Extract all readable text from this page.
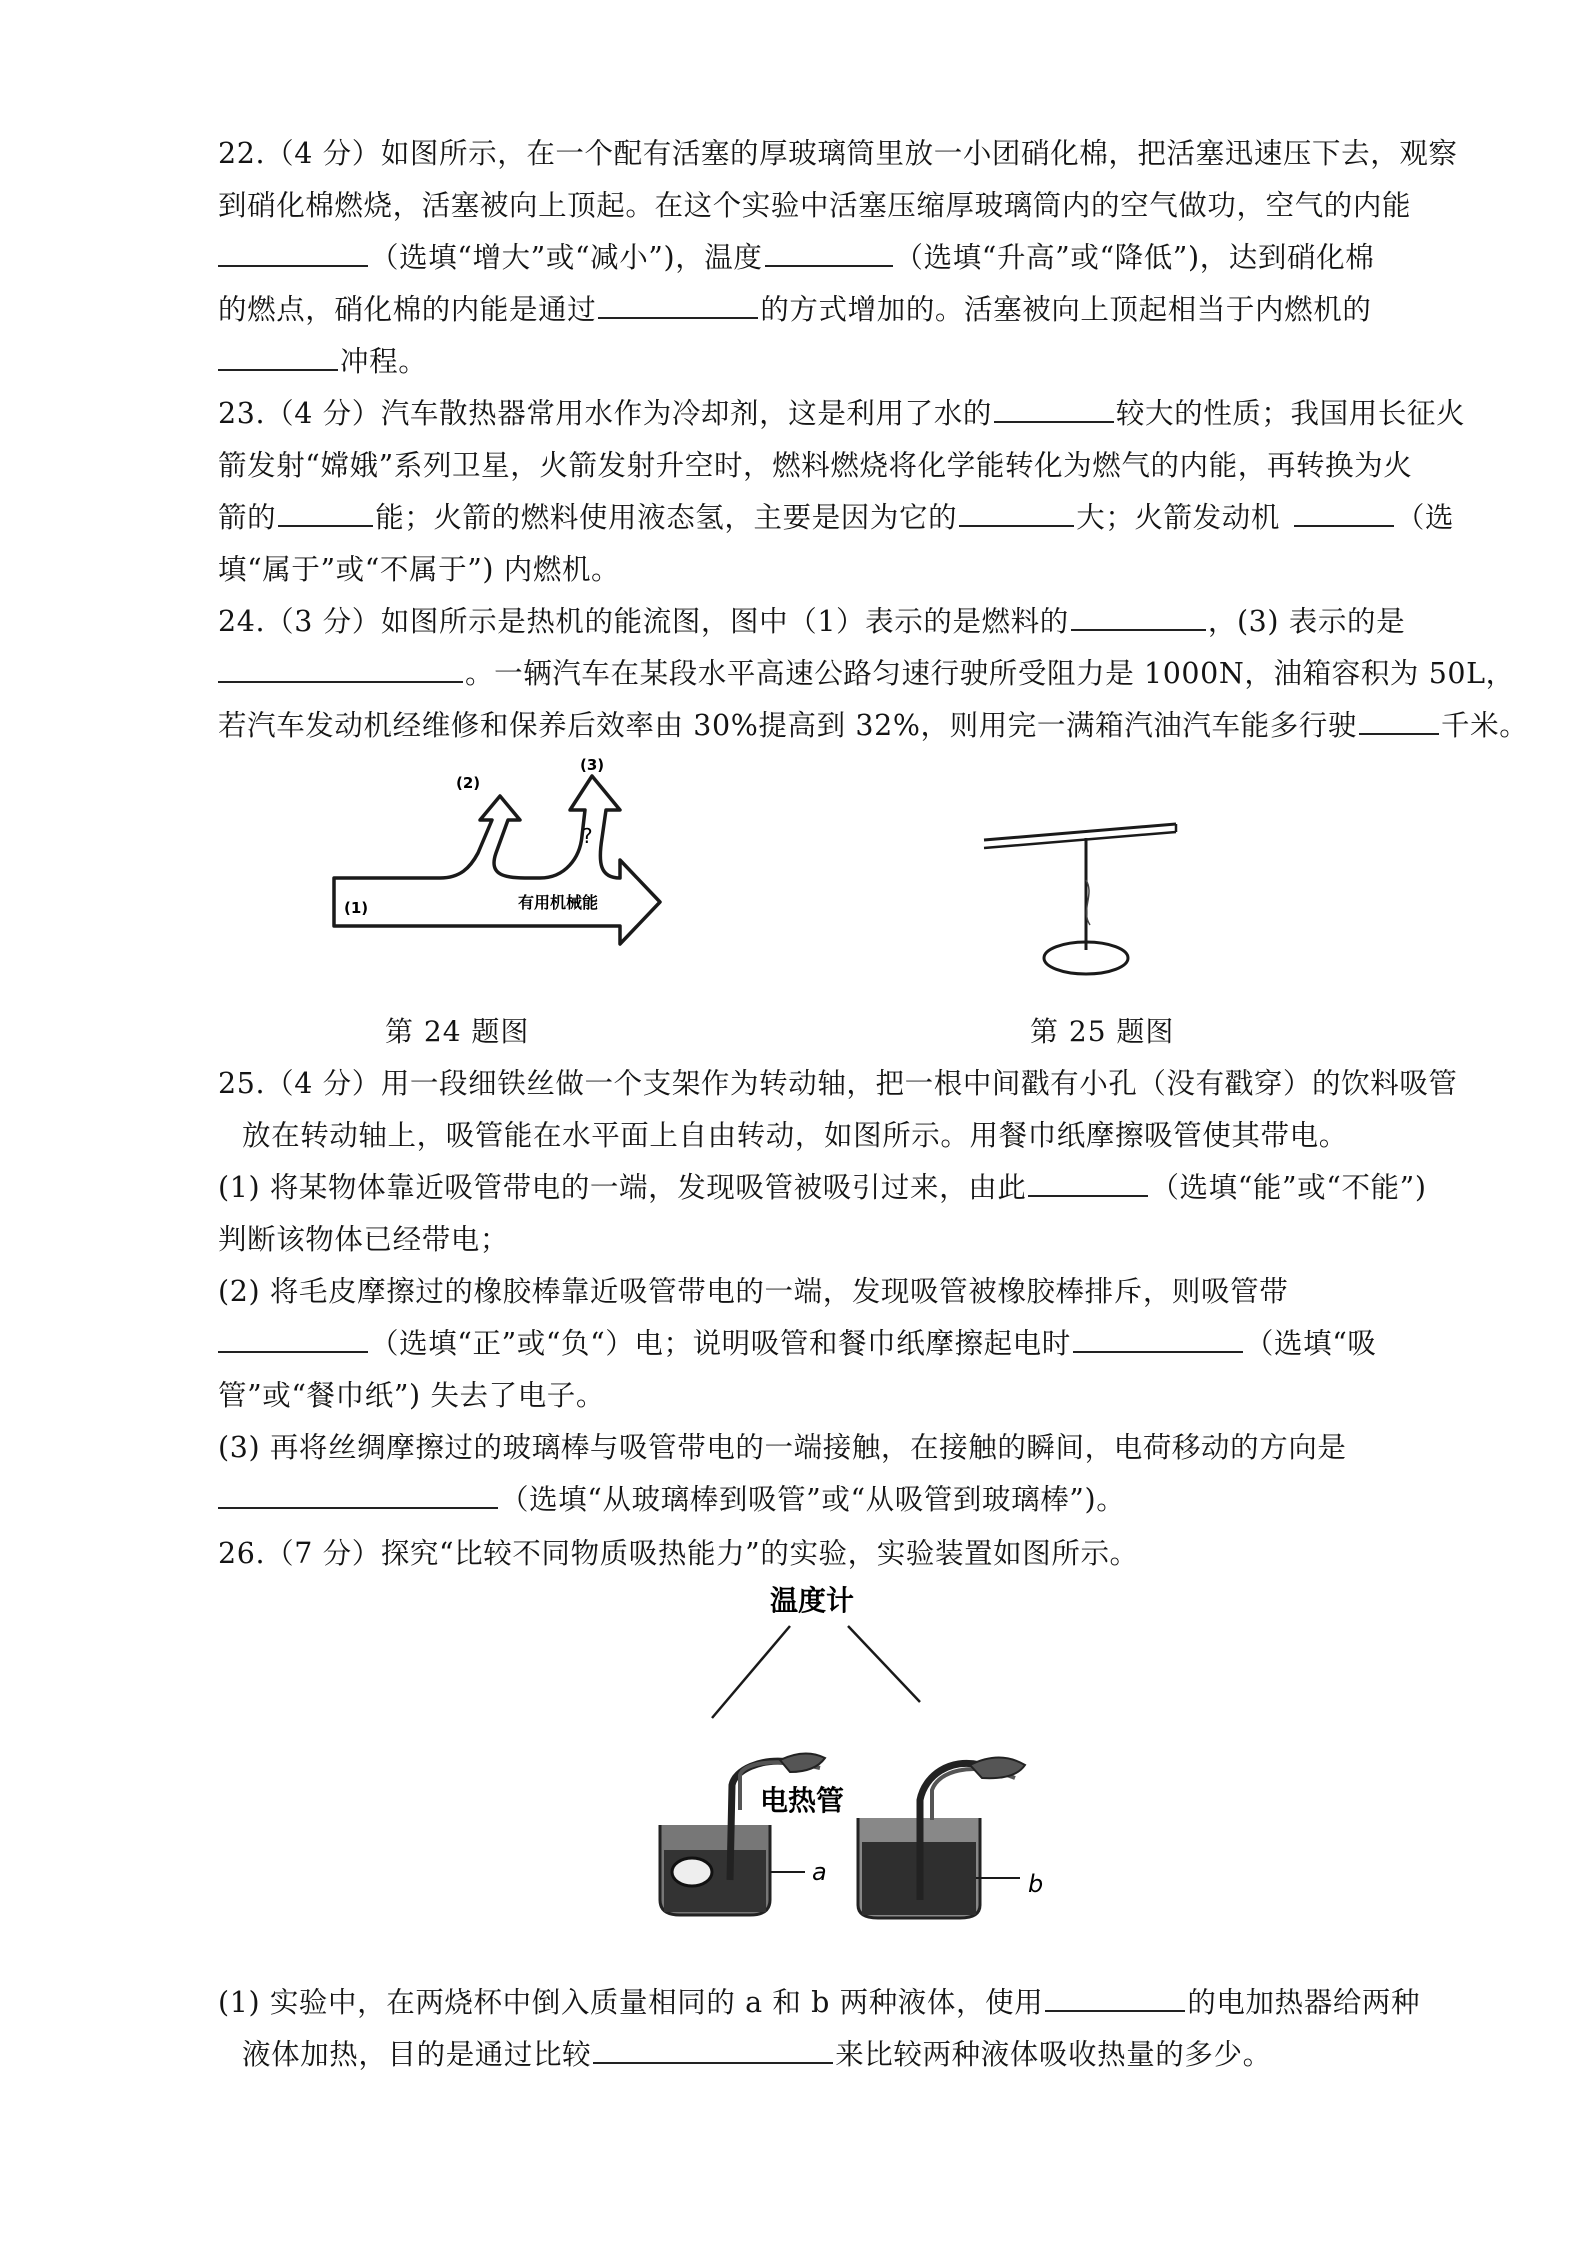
22.（4 分）如图所示，在一个配有活塞的厚玻璃筒里放一小团硝化棉，把活塞迅速压下去，观察
到硝化棉燃烧，活塞被向上顶起。在这个实验中活塞压缩厚玻璃筒内的空气做功，空气的内能
（选填“增大”或“减小”)，温度	（选填“升高”或“降低”)，达到硝化棉
的燃点，硝化棉的内能是通过	的方式增加的。活塞被向上顶起相当于内燃机的
冲程。
23.（4 分）汽车散热器常用水作为冷却剂，这是利用了水的	较大的性质；我国用长征火
箭发射“嫦娥”系列卫星，火箭发射升空时，燃料燃烧将化学能转化为燃气的内能，再转换为火
箭的	能；火箭的燃料使用液态氢，主要是因为它的	大；火箭发动机	（选
填“属于”或“不属于”) 内燃机。
24.（3 分）如图所示是热机的能流图，图中（1）表示的是燃料的	，(3) 表示的是
。一辆汽车在某段水平高速公路匀速行驶所受阻力是 1000N，油箱容积为 50L，
若汽车发动机经维修和保养后效率由 30%提高到 32%，则用完一满箱汽油汽车能多行驶	千米。
(1)
(2)
(3)
?
有用机械能
第 24 题图	第 25 题图
25.（4 分）用一段细铁丝做一个支架作为转动轴，把一根中间戳有小孔（没有戳穿）的饮料吸管
放在转动轴上，吸管能在水平面上自由转动，如图所示。用餐巾纸摩擦吸管使其带电。
(1) 将某物体靠近吸管带电的一端，发现吸管被吸引过来，由此	（选填“能”或“不能”)
判断该物体已经带电；
(2) 将毛皮摩擦过的橡胶棒靠近吸管带电的一端，发现吸管被橡胶棒排斥，则吸管带
（选填“正”或“负“）电；说明吸管和餐巾纸摩擦起电时	（选填“吸
管”或“餐巾纸”) 失去了电子。
(3) 再将丝绸摩擦过的玻璃棒与吸管带电的一端接触，在接触的瞬间，电荷移动的方向是
（选填“从玻璃棒到吸管”或“从吸管到玻璃棒”)。
26.（7 分）探究“比较不同物质吸热能力”的实验，实验装置如图所示。
温度计
电热管
a	b
(1) 实验中，在两烧杯中倒入质量相同的 a 和 b 两种液体，使用	的电加热器给两种
液体加热，目的是通过比较	来比较两种液体吸收热量的多少。
